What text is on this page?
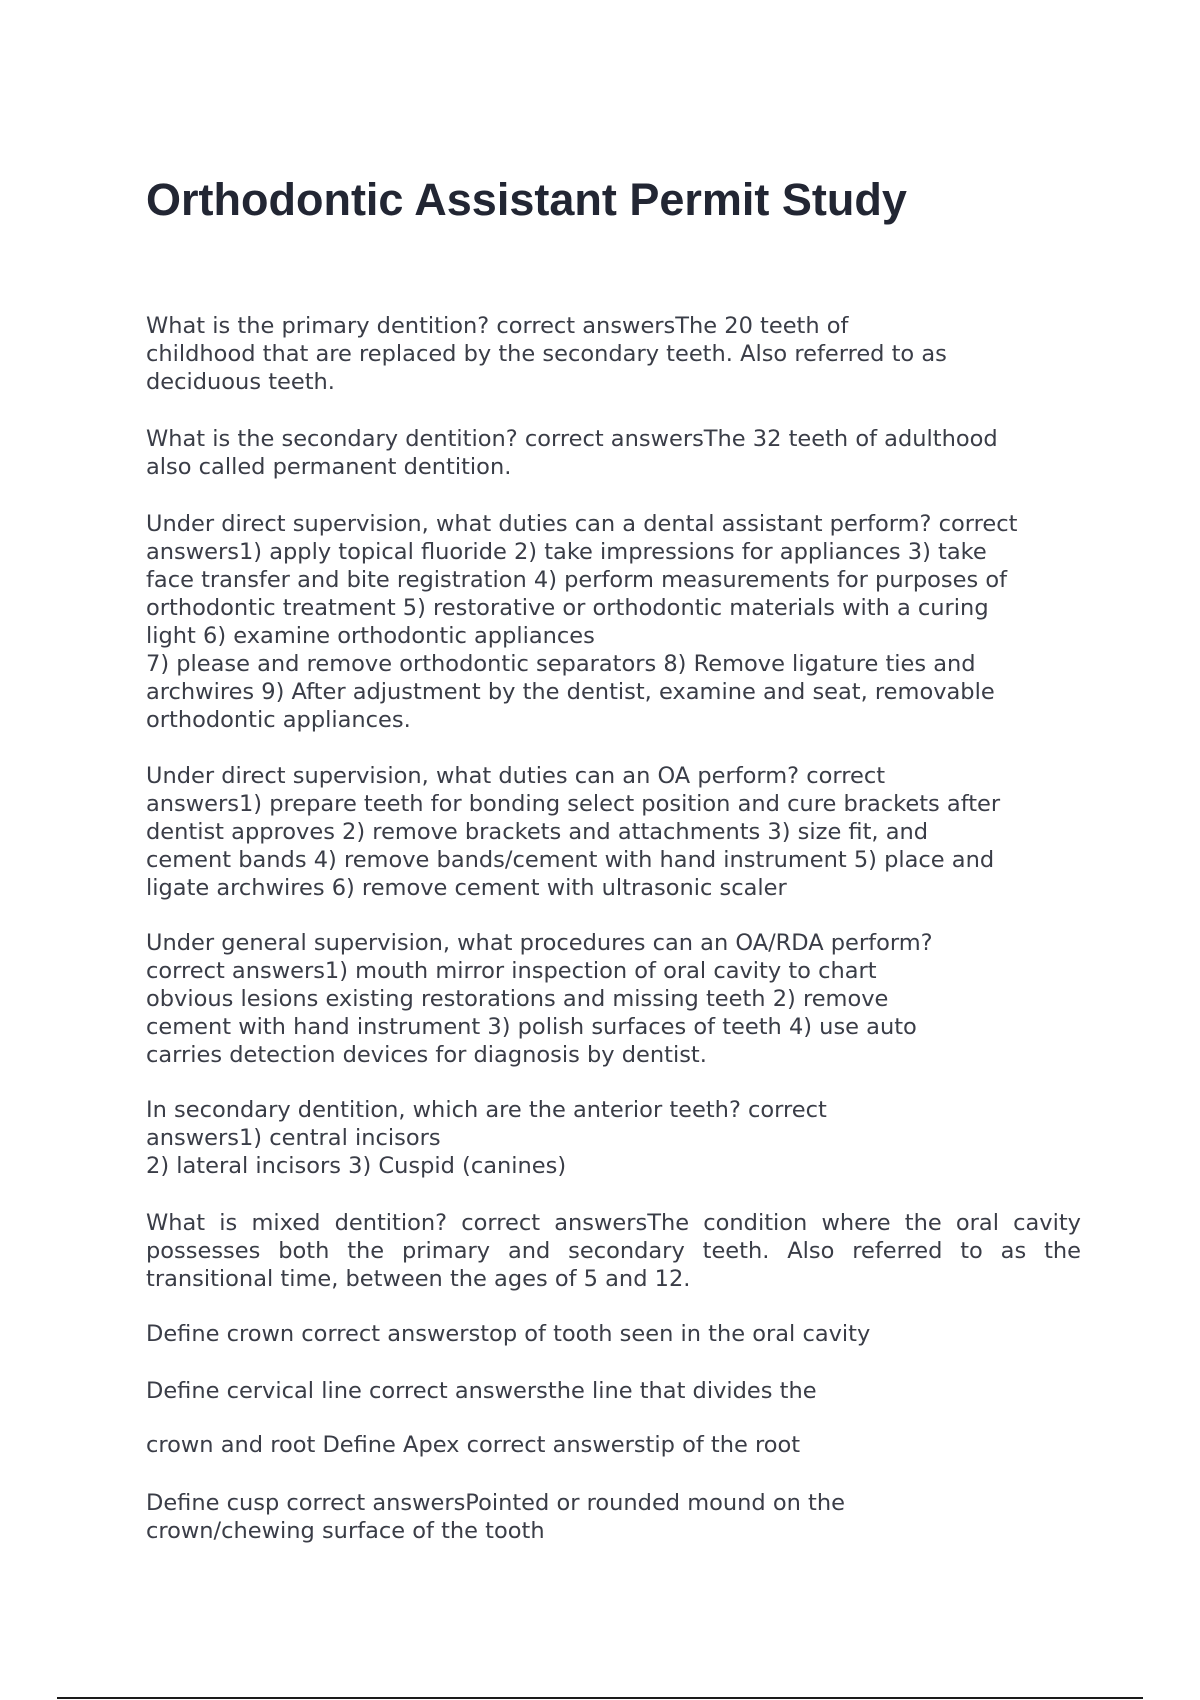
Orthodontic Assistant Permit Study

What is the primary dentition? correct answersThe 20 teeth of
childhood that are replaced by the secondary teeth. Also referred to as
deciduous teeth.

What is the secondary dentition? correct answersThe 32 teeth of adulthood
also called permanent dentition.

Under direct supervision, what duties can a dental assistant perform? correct
answers1) apply topical fluoride 2) take impressions for appliances 3) take
face transfer and bite registration 4) perform measurements for purposes of
orthodontic treatment 5) restorative or orthodontic materials with a curing
light 6) examine orthodontic appliances
7) please and remove orthodontic separators 8) Remove ligature ties and
archwires 9) After adjustment by the dentist, examine and seat, removable
orthodontic appliances.

Under direct supervision, what duties can an OA perform? correct
answers1) prepare teeth for bonding select position and cure brackets after
dentist approves 2) remove brackets and attachments 3) size fit, and
cement bands 4) remove bands/cement with hand instrument 5) place and
ligate archwires 6) remove cement with ultrasonic scaler

Under general supervision, what procedures can an OA/RDA perform?
correct answers1) mouth mirror inspection of oral cavity to chart
obvious lesions existing restorations and missing teeth 2) remove
cement with hand instrument 3) polish surfaces of teeth 4) use auto
carries detection devices for diagnosis by dentist.

In secondary dentition, which are the anterior teeth? correct
answers1) central incisors
2) lateral incisors 3) Cuspid (canines)

What is mixed dentition? correct answersThe condition where the oral cavity
possesses both the primary and secondary teeth. Also referred to as the
transitional time, between the ages of 5 and 12.

Define crown correct answerstop of tooth seen in the oral cavity

Define cervical line correct answersthe line that divides the

crown and root Define Apex correct answerstip of the root

Define cusp correct answersPointed or rounded mound on the
crown/chewing surface of the tooth
